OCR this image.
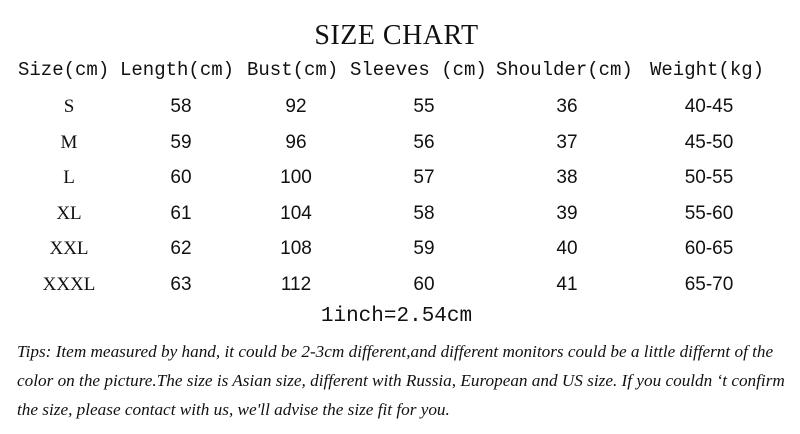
SIZE CHART
Size(cm) Length(cm) Bust(cm) Sleeves (cm) Shoulder(cm) Weight(kg)
S	58	92	55	36	40-45
M	59	96	56	37	45-50
L	60	100	57	38	50-55
XL	61	104	58	39	55-60
XXL	62	108	59	40	60-65
XXXL	63	112	60	41	65-70
1inch=2.54cm
Tips: Item measured by hand, it could be 2-3cm different,and different monitors could be a little differnt of the color on the picture.The size is Asian size, different with Russia, European and US size. If you couldn ‘t confirm the size, please contact with us, we'll advise the size fit for you.
